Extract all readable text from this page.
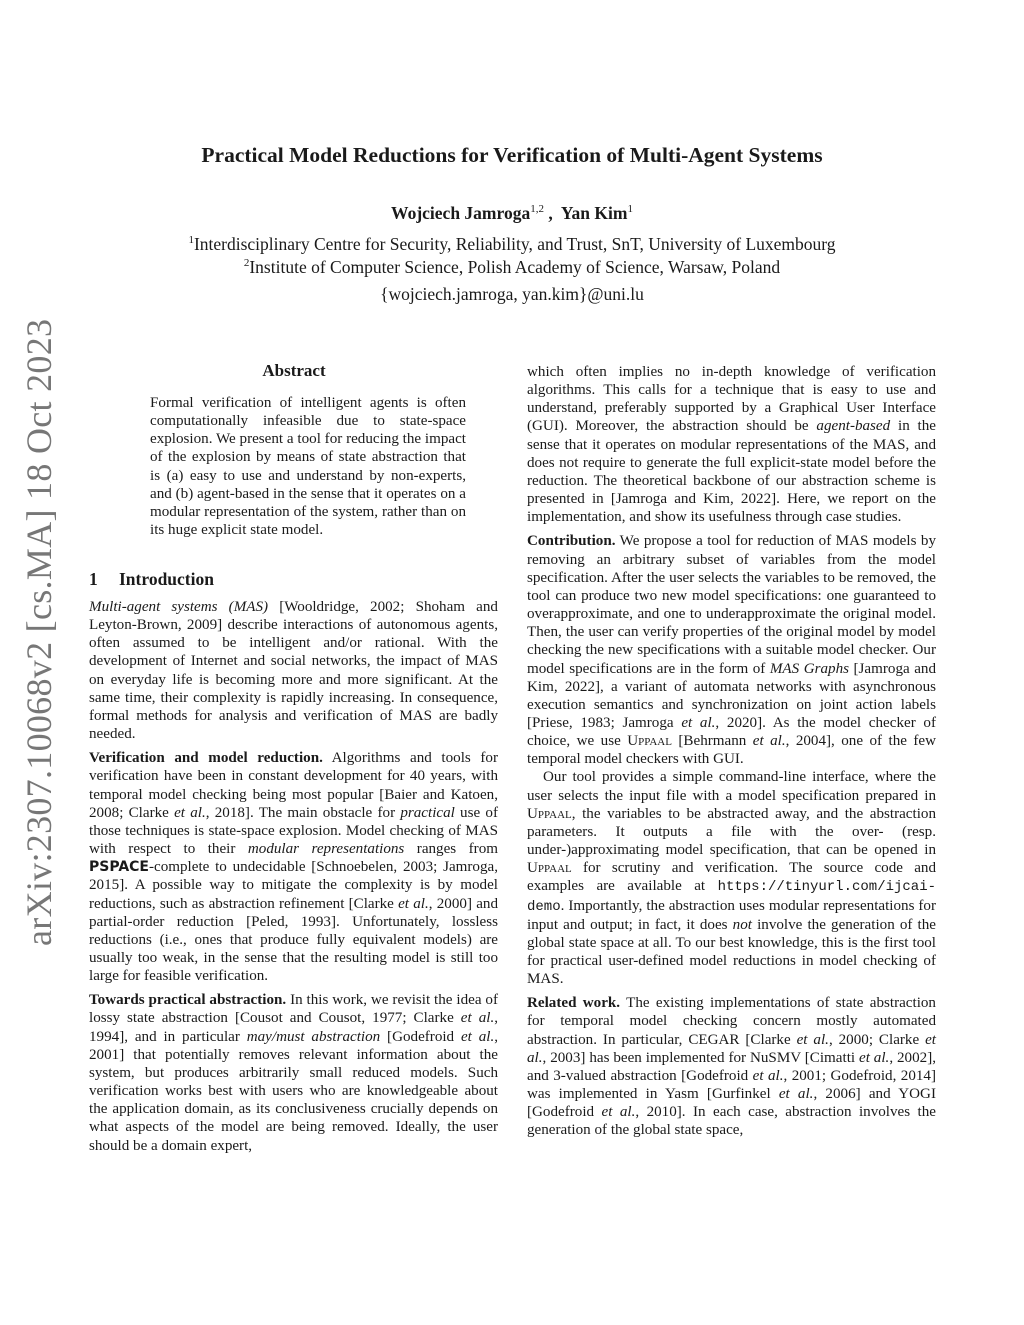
arXiv:2307.10068v2 [cs.MA] 18 Oct 2023
Practical Model Reductions for Verification of Multi-Agent Systems
Wojciech Jamroga$^{1,2}$ ,  Yan Kim$^1$
$^1$Interdisciplinary Centre for Security, Reliability, and Trust, SnT, University of Luxembourg
$^2$Institute of Computer Science, Polish Academy of Science, Warsaw, Poland
{wojciech.jamroga, yan.kim}@uni.lu
Abstract
Formal verification of intelligent agents is often computationally infeasible due to state-space explosion. We present a tool for reducing the impact of the explosion by means of state abstraction that is (a) easy to use and understand by non-experts, and (b) agent-based in the sense that it operates on a modular representation of the system, rather than on its huge explicit state model.
1 Introduction

Multi-agent systems (MAS) [Wooldridge, 2002; Shoham and Leyton-Brown, 2009] describe interactions of autonomous agents, often assumed to be intelligent and/or rational. With the development of Internet and social networks, the impact of MAS on everyday life is becoming more and more significant. At the same time, their complexity is rapidly increasing. In consequence, formal methods for analysis and verification of MAS are badly needed.

Verification and model reduction. Algorithms and tools for verification have been in constant development for 40 years, with temporal model checking being most popular [Baier and Katoen, 2008; Clarke et al., 2018]. The main obstacle for practical use of those techniques is state-space explosion. Model checking of MAS with respect to their modular representations ranges from PSPACE-complete to undecidable [Schnoebelen, 2003; Jamroga, 2015]. A possible way to mitigate the complexity is by model reductions, such as abstraction refinement [Clarke et al., 2000] and partial-order reduction [Peled, 1993]. Unfortunately, lossless reductions (i.e., ones that produce fully equivalent models) are usually too weak, in the sense that the resulting model is still too large for feasible verification.

Towards practical abstraction. In this work, we revisit the idea of lossy state abstraction [Cousot and Cousot, 1977; Clarke et al., 1994], and in particular may/must abstraction [Godefroid et al., 2001] that potentially removes relevant information about the system, but produces arbitrarily small reduced models. Such verification works best with users who are knowledgeable about the application domain, as its conclusiveness crucially depends on what aspects of the model are being removed. Ideally, the user should be a domain expert,

which often implies no in-depth knowledge of verification algorithms. This calls for a technique that is easy to use and understand, preferably supported by a Graphical User Interface (GUI). Moreover, the abstraction should be agent-based in the sense that it operates on modular representations of the MAS, and does not require to generate the full explicit-state model before the reduction. The theoretical backbone of our abstraction scheme is presented in [Jamroga and Kim, 2022]. Here, we report on the implementation, and show its usefulness through case studies.

Contribution. We propose a tool for reduction of MAS models by removing an arbitrary subset of variables from the model specification. After the user selects the variables to be removed, the tool can produce two new model specifications: one guaranteed to overapproximate, and one to underapproximate the original model. Then, the user can verify properties of the original model by model checking the new specifications with a suitable model checker. Our model specifications are in the form of MAS Graphs [Jamroga and Kim, 2022], a variant of automata networks with asynchronous execution semantics and synchronization on joint action labels [Priese, 1983; Jamroga et al., 2020]. As the model checker of choice, we use Uppaal [Behrmann et al., 2004], one of the few temporal model checkers with GUI.

Our tool provides a simple command-line interface, where the user selects the input file with a model specification prepared in Uppaal, the variables to be abstracted away, and the abstraction parameters. It outputs a file with the over- (resp. under-)approximating model specification, that can be opened in Uppaal for scrutiny and verification. The source code and examples are available at https://tinyurl.com/ijcai-demo. Importantly, the abstraction uses modular representations for input and output; in fact, it does not involve the generation of the global state space at all. To our best knowledge, this is the first tool for practical user-defined model reductions in model checking of MAS.

Related work. The existing implementations of state abstraction for temporal model checking concern mostly automated abstraction. In particular, CEGAR [Clarke et al., 2000; Clarke et al., 2003] has been implemented for NuSMV [Cimatti et al., 2002], and 3-valued abstraction [Godefroid et al., 2001; Godefroid, 2014] was implemented in Yasm [Gurfinkel et al., 2006] and YOGI [Godefroid et al., 2010]. In each case, abstraction involves the generation of the global state space,
